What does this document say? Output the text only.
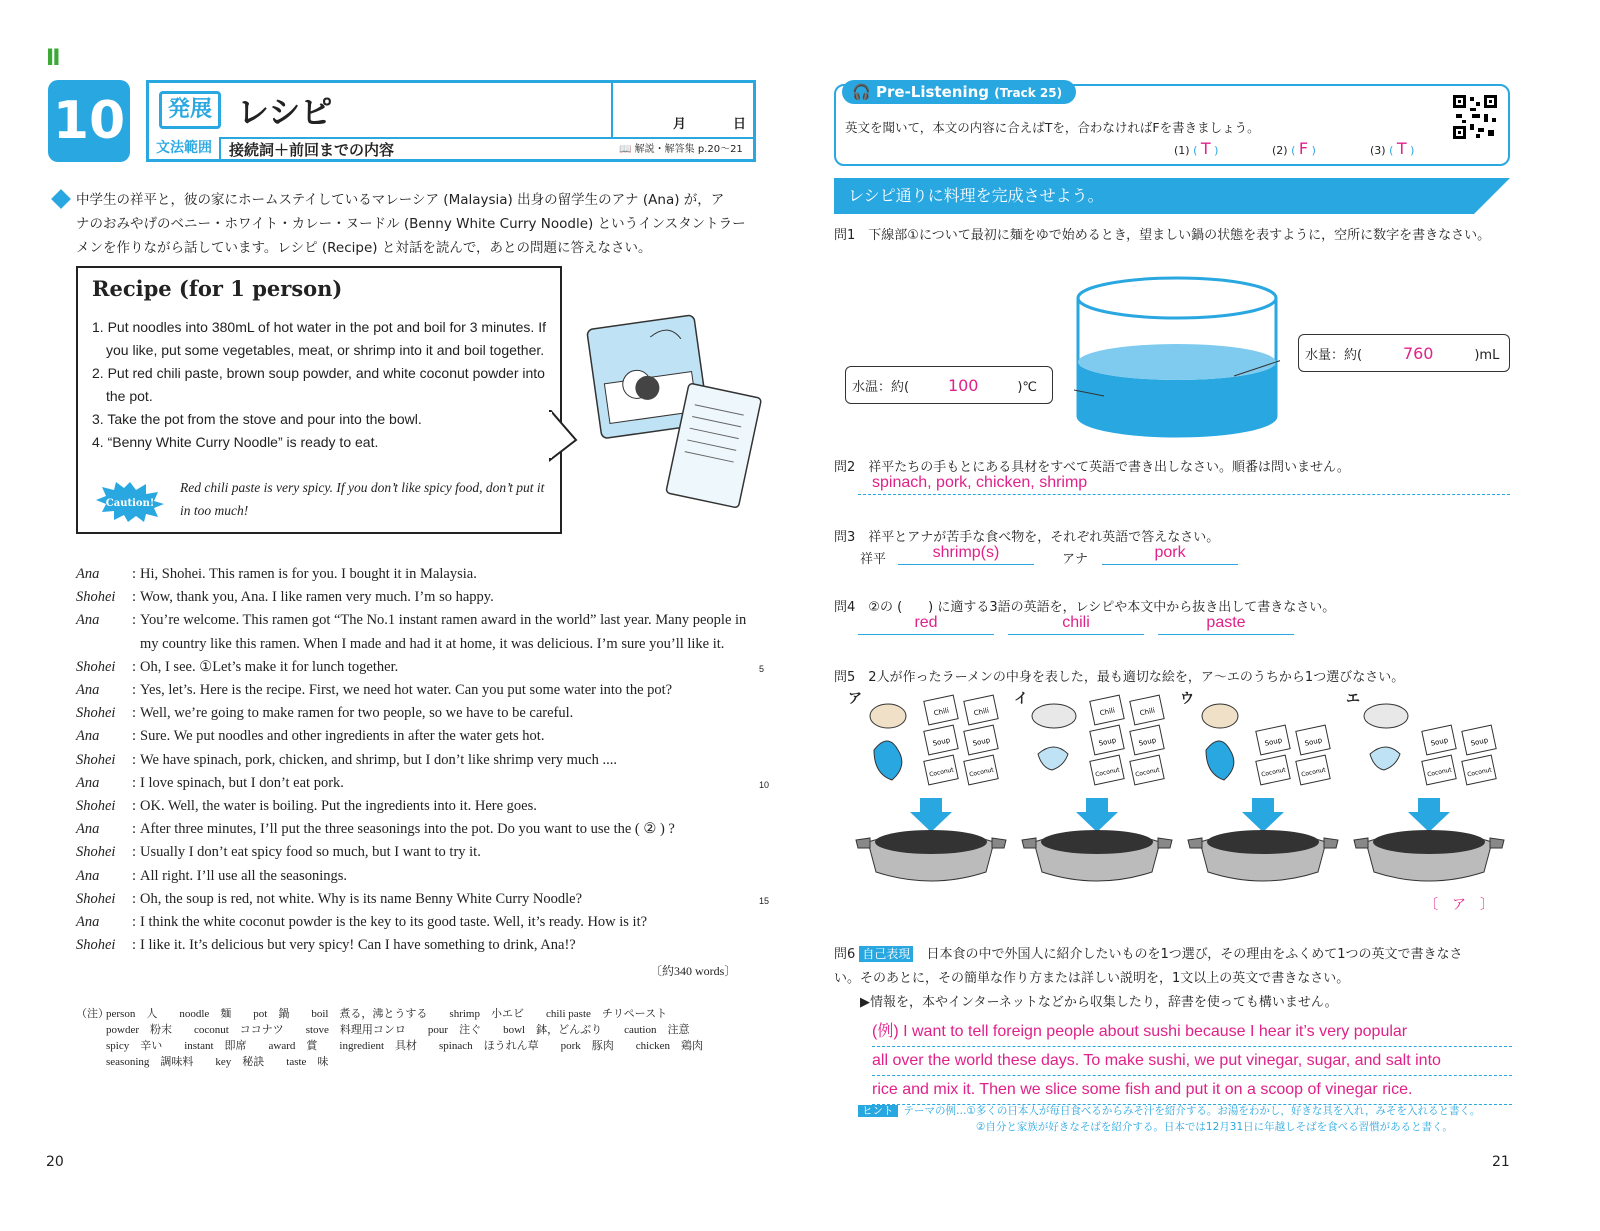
Ⅱ
10	発展 レシピ	月	日
文法範囲	接続詞＋前回までの内容	📖 解説・解答集 p.20～21
中学生の祥平と，彼の家にホームステイしているマレーシア (Malaysia) 出身の留学生のアナ (Ana) が，ア
ナのおみやげのベニー・ホワイト・カレー・ヌードル (Benny White Curry Noodle) というインスタントラー
メンを作りながら話しています。レシピ (Recipe) と対話を読んで，あとの問題に答えなさい。
Recipe (for 1 person)
1. Put noodles into 380mL of hot water in the pot and boil for 3 minutes. If you like, put some vegetables, meat, or shrimp into it and boil together.
2. Put red chili paste, brown soup powder, and white coconut powder into the pot.
3. Take the pot from the stove and pour into the bowl.
4. “Benny White Curry Noodle” is ready to eat.
Caution!
Red chili paste is very spicy. If you don’t like spicy food, don’t put it in too much!
Ana	: Hi, Shohei. This ramen is for you. I bought it in Malaysia.
Shohei	: Wow, thank you, Ana. I like ramen very much. I’m so happy.
Ana	: You’re welcome. This ramen got “The No.1 instant ramen award in the world” last year. Many people in my country like this ramen. When I made and had it at home, it was delicious. I’m sure you’ll like it.
Shohei	: Oh, I see. ①Let’s make it for lunch together.
Ana	: Yes, let’s. Here is the recipe. First, we need hot water. Can you put some water into the pot?
Shohei	: Well, we’re going to make ramen for two people, so we have to be careful.
Ana	: Sure. We put noodles and other ingredients in after the water gets hot.
Shohei	: We have spinach, pork, chicken, and shrimp, but I don’t like shrimp very much ....
Ana	: I love spinach, but I don’t eat pork.
Shohei	: OK. Well, the water is boiling. Put the ingredients into it. Here goes.
Ana	: After three minutes, I’ll put the three seasonings into the pot. Do you want to use the ( ② ) ?
Shohei	: Usually I don’t eat spicy food so much, but I want to try it.
Ana	: All right. I’ll use all the seasonings.
Shohei	: Oh, the soup is red, not white. Why is its name Benny White Curry Noodle?
Ana	: I think the white coconut powder is the key to its good taste. Well, it’s ready. How is it?
Shohei	: I like it. It’s delicious but very spicy! Can I have something to drink, Ana!?
5
10
15
〔約340 words〕
（注）
person　人　　noodle　麺　　pot　鍋　　boil　煮る，沸とうする　　shrimp　小エビ　　chili paste　チリペースト
powder　粉末　　coconut　ココナツ　　stove　料理用コンロ　　pour　注ぐ　　bowl　鉢，どんぶり　　caution　注意
spicy　辛い　　instant　即席　　award　賞　　ingredient　具材　　spinach　ほうれん草　　pork　豚肉　　chicken　鶏肉
seasoning　調味料　　key　秘訣　　taste　味
20
🎧 Pre-Listening (Track 25)
英文を聞いて，本文の内容に合えばTを，合わなければFを書きましょう。
(1) ( T )	(2) ( F )	(3) ( T )
レシピ通りに料理を完成させよう。
問1　 下線部①について最初に麺をゆで始めるとき，望ましい鍋の状態を表すように，空所に数字を書きなさい。
水温：約( 100	)℃
水量：約(	760	)mL
問2　 祥平たちの手もとにある具材をすべて英語で書き出しなさい。順番は問いません。
spinach, pork, chicken, shrimp
問3　 祥平とアナが苦手な食べ物を，それぞれ英語で答えなさい。
祥平	shrimp(s)	アナ	pork
問4　 ②の (　　) に適する3語の英語を，レシピや本文中から抜き出して書きなさい。
red	chili	paste
問5　 2人が作ったラーメンの中身を表した，最も適切な絵を，ア～エのうちから1つ選びなさい。
ア
Chili	Chili
Soup	Soup
Coconut Coconut
イ
Chili	Chili
Soup	Soup
Coconut Coconut
ウ
Soup	Soup
Coconut Coconut
エ
Soup	Soup
Coconut Coconut
〔　ア　〕
問6 自己表現　 日本食の中で外国人に紹介したいものを1つ選び，その理由をふくめて1つの英文で書きなさ
い。そのあとに，その簡単な作り方または詳しい説明を，1文以上の英文で書きなさい。
▶情報を，本やインターネットなどから収集したり，辞書を使っても構いません。
(例) I want to tell foreign people about sushi because I hear it’s very popular
all over the world these days. To make sushi, we put vinegar, sugar, and salt into
rice and mix it. Then we slice some fish and put it on a scoop of vinegar rice.
ヒント テーマの例…①多くの日本人が毎日食べるからみそ汁を紹介する。お湯をわかし，好きな具を入れ，みそを入れると書く。
②自分と家族が好きなそばを紹介する。日本では12月31日に年越しそばを食べる習慣があると書く。
21
